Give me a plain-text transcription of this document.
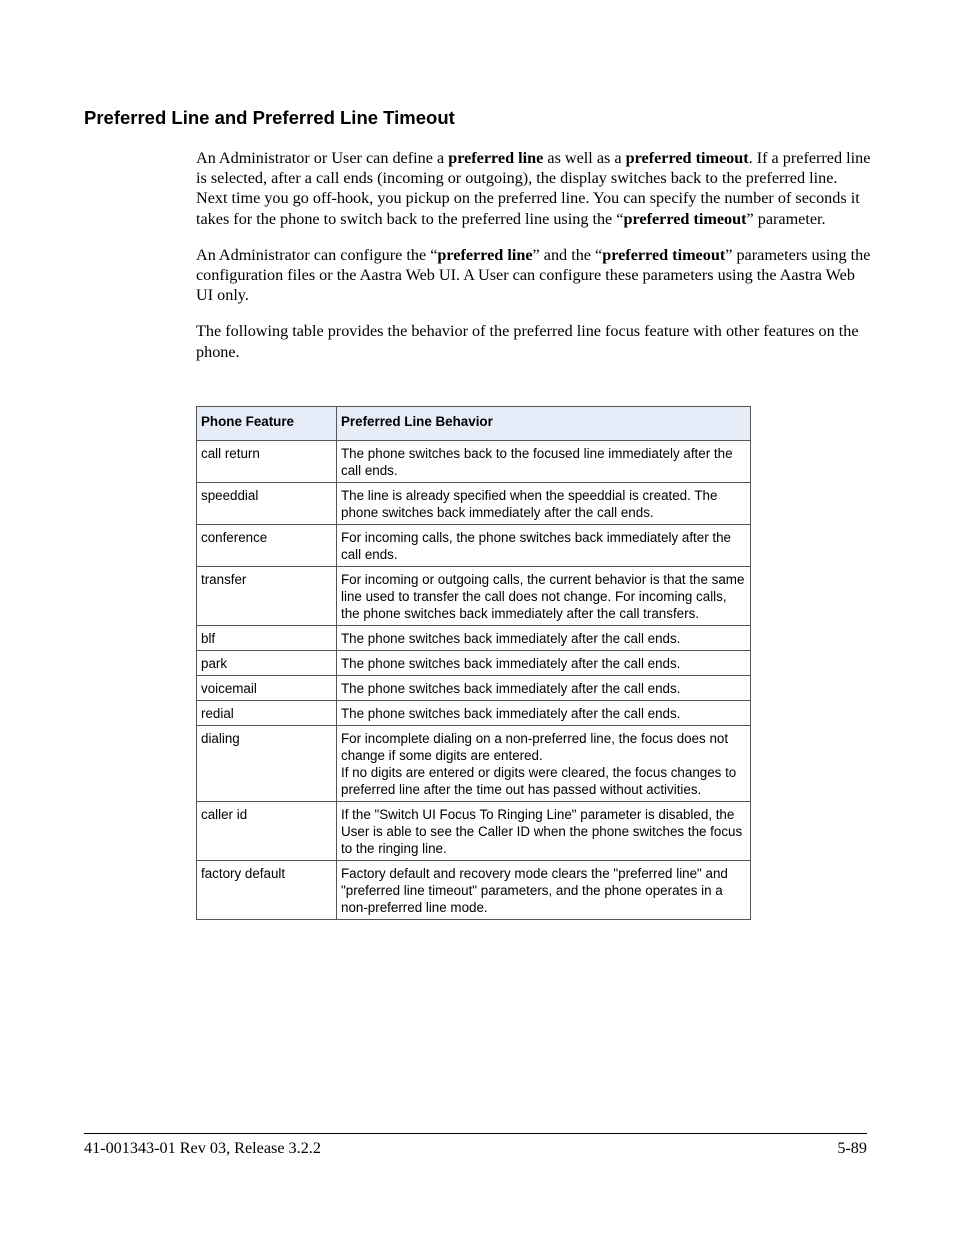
Preferred Line and Preferred Line Timeout

An Administrator or User can define a preferred line as well as a preferred timeout. If a preferred line is selected, after a call ends (incoming or outgoing), the display switches back to the preferred line. Next time you go off-hook, you pickup on the preferred line. You can specify the number of seconds it takes for the phone to switch back to the preferred line using the “preferred timeout” parameter.

An Administrator can configure the “preferred line” and the “preferred timeout” parameters using the configuration files or the Aastra Web UI. A User can configure these parameters using the Aastra Web UI only.

The following table provides the behavior of the preferred line focus feature with other features on the phone.

Phone Feature	Preferred Line Behavior
call return	The phone switches back to the focused line immediately after the call ends.

speeddial	The line is already specified when the speeddial is created. The phone switches back immediately after the call ends.

conference	For incoming calls, the phone switches back immediately after the call ends.

transfer	For incoming or outgoing calls, the current behavior is that the same line used to transfer the call does not change. For incoming calls, the phone switches back immediately after the call transfers.

blf	The phone switches back immediately after the call ends.

park	The phone switches back immediately after the call ends.

voicemail	The phone switches back immediately after the call ends.

redial	The phone switches back immediately after the call ends.

dialing	For incomplete dialing on a non-preferred line, the focus does not change if some digits are entered.
If no digits are entered or digits were cleared, the focus changes to preferred line after the time out has passed without activities.

caller id	If the "Switch UI Focus To Ringing Line" parameter is disabled, the User is able to see the Caller ID when the phone switches the focus to the ringing line.

factory default	Factory default and recovery mode clears the "preferred line" and "preferred line timeout" parameters, and the phone operates in a non-preferred line mode.
41-001343-01 Rev 03, Release 3.2.2	5-89
